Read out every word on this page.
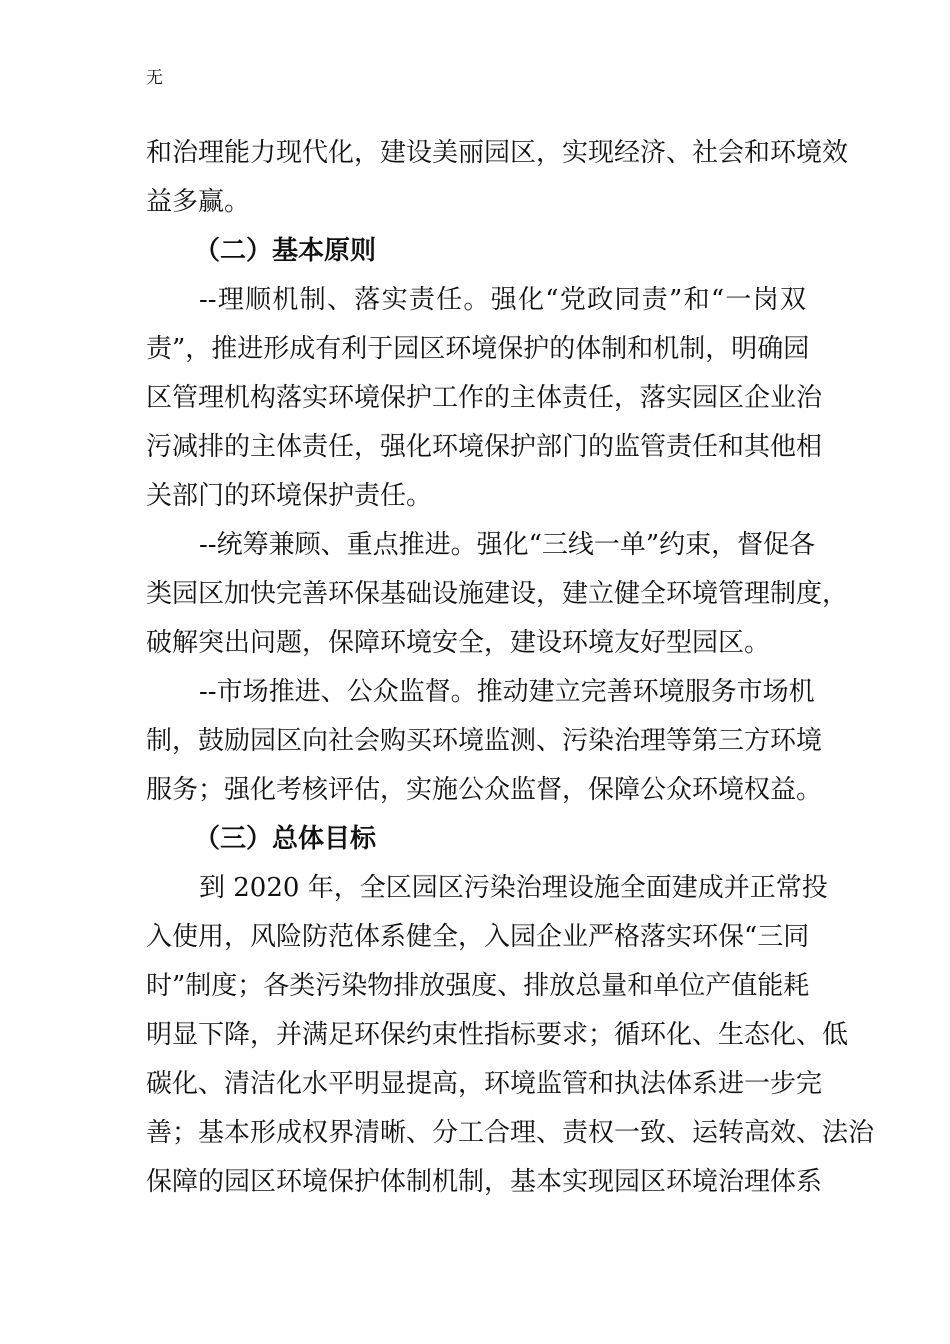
无
和治理能力现代化，建设美丽园区，实现经济、社会和环境效
益多赢。
（二）基本原则
--理顺机制、落实责任。强化“党政同责”和“一岗双
责”，推进形成有利于园区环境保护的体制和机制，明确园
区管理机构落实环境保护工作的主体责任，落实园区企业治
污减排的主体责任，强化环境保护部门的监管责任和其他相
关部门的环境保护责任。
--统筹兼顾、重点推进。强化“三线一单”约束，督促各
类园区加快完善环保基础设施建设，建立健全环境管理制度，
破解突出问题，保障环境安全，建设环境友好型园区。
--市场推进、公众监督。推动建立完善环境服务市场机
制，鼓励园区向社会购买环境监测、污染治理等第三方环境
服务；强化考核评估，实施公众监督，保障公众环境权益。
（三）总体目标
到 2020 年，全区园区污染治理设施全面建成并正常投
入使用，风险防范体系健全，入园企业严格落实环保“三同
时”制度；各类污染物排放强度、排放总量和单位产值能耗
明显下降，并满足环保约束性指标要求；循环化、生态化、低
碳化、清洁化水平明显提高，环境监管和执法体系进一步完
善；基本形成权界清晰、分工合理、责权一致、运转高效、法治
保障的园区环境保护体制机制，基本实现园区环境治理体系
